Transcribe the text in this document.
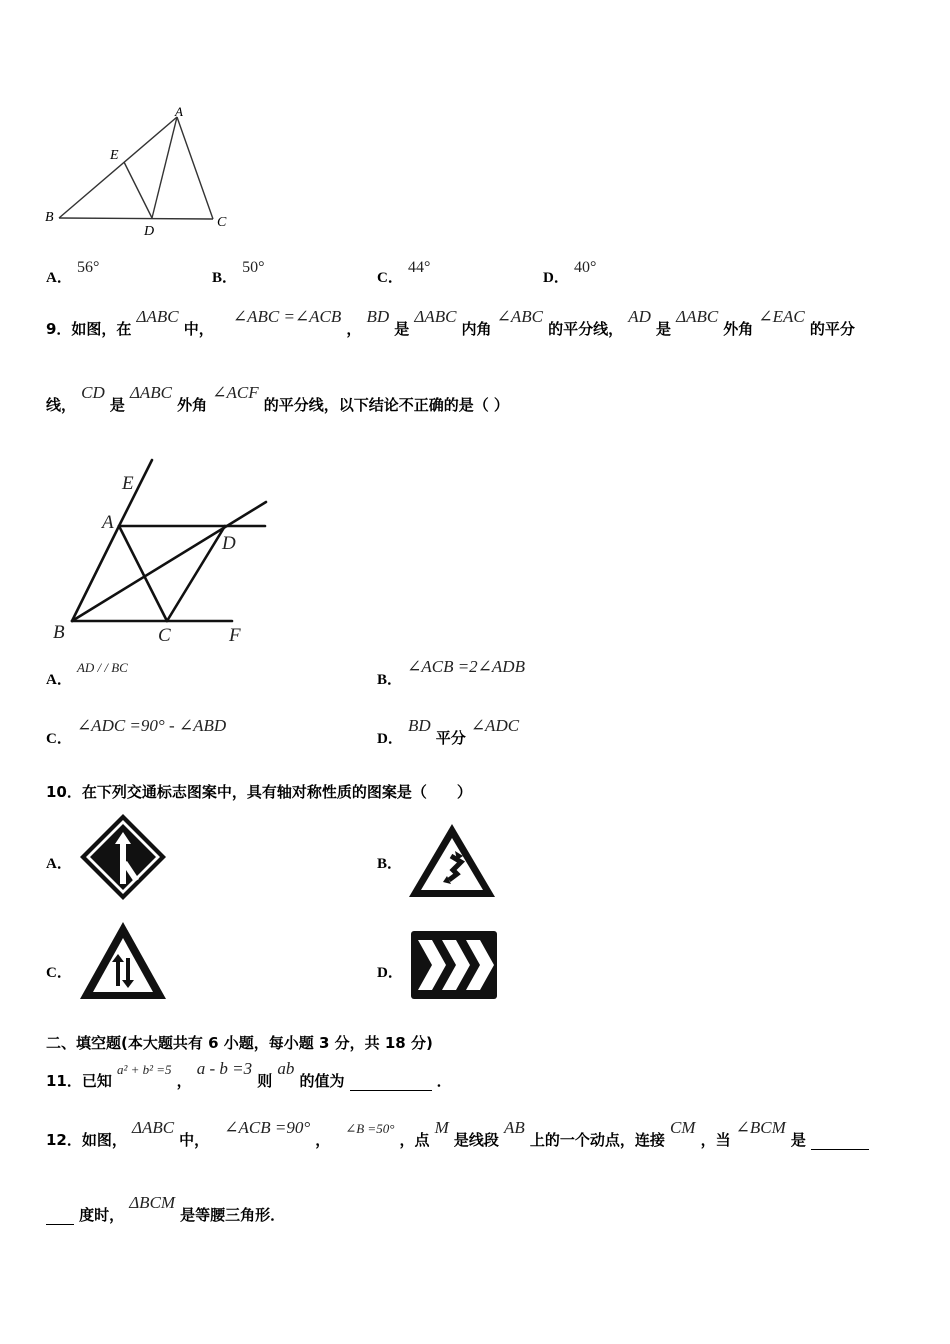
A
E
B
D
C
A． 56°
B． 50°
C． 44°
D． 40°
9．如图，在 ΔABC 中， ∠ABC =∠ACB ， BD 是 ΔABC 内角 ∠ABC 的平分线， AD 是 ΔABC 外角 ∠EAC 的平分
线， CD 是 ΔABC 外角 ∠ACF 的平分线，以下结论不正确的是（ ）
E
A
D
B	C	F
A． $^{AD / / BC}$
B． ∠ACB =2∠ADB
C． ∠ADC =90° - ∠ABD
D． BD 平分 ∠ADC
10．在下列交通标志图案中，具有轴对称性质的图案是（　　）
A．	B．
C．	D．
二、填空题(本大题共有 6 小题，每小题 3 分，共 18 分)
11．已知 $^{a^2 + b^2 =5}$ ， a - b =3 则 ab 的值为	．
12．如图， ΔABC 中， ∠ACB =90° ， $^{\angle B =50^\circ}$ ，点 M 是线段 AB 上的一个动点，连接 CM ，当 ∠BCM 是
度时， ΔBCM 是等腰三角形．
